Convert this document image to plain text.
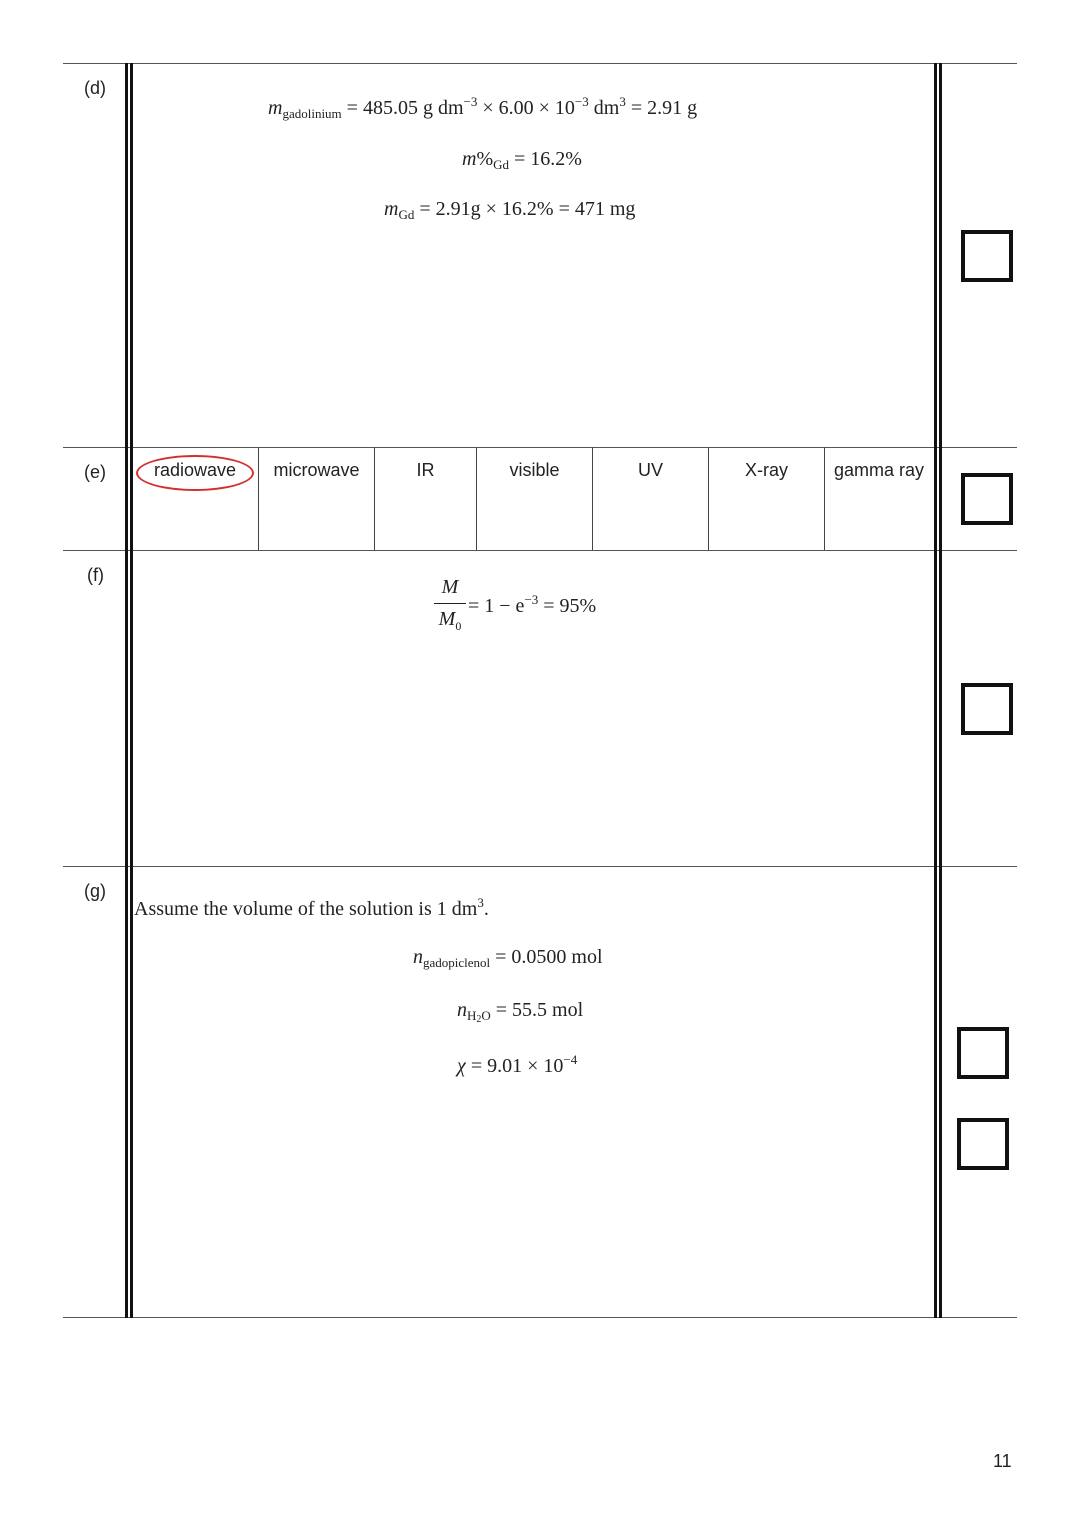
(d)
(e)
(f)
(g)
$m_{gadolinium} = 485.05$ g $dm^{-3} \times 6.00 \times 10^{-3}$ $dm^3 = 2.91$ g
$m\%_{Gd} = 16.2\%$
$m_{Gd} = 2.91g \times 16.2\% = 471$ mg
radiowave	microwave	IR	visible	UV	X-ray	gamma ray
M
$M_0$
= $1 - e^{-3} = 95\%$
Assume the volume of the solution is 1 $dm^3$.
$n_{gadopiclenol} = 0.0500$ mol
$n_{H_2O} = 55.5$ mol
$\chi = 9.01 \times 10^{-4}$
11
